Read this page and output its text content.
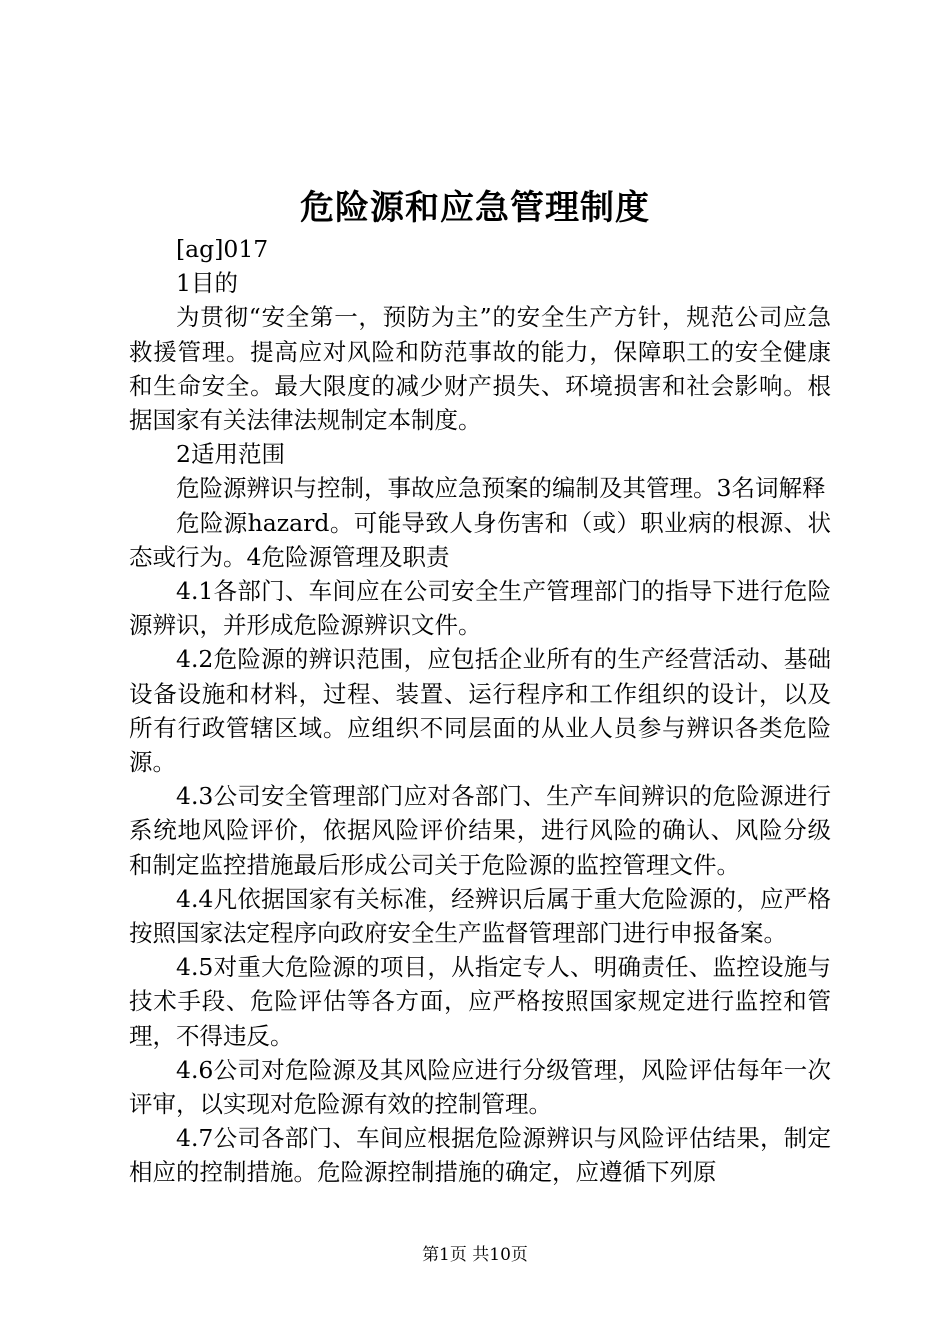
危险源和应急管理制度

[ag]017

1目的

为贯彻“安全第一，预防为主”的安全生产方针，规范公司应急救援管理。提高应对风险和防范事故的能力，保障职工的安全健康和生命安全。最大限度的减少财产损失、环境损害和社会影响。根据国家有关法律法规制定本制度。

2适用范围

危险源辨识与控制，事故应急预案的编制及其管理。3名词解释

危险源hazard。可能导致人身伤害和（或）职业病的根源、状态或行为。4危险源管理及职责

4.1各部门、车间应在公司安全生产管理部门的指导下进行危险源辨识，并形成危险源辨识文件。

4.2危险源的辨识范围，应包括企业所有的生产经营活动、基础设备设施和材料，过程、装置、运行程序和工作组织的设计，以及所有行政管辖区域。应组织不同层面的从业人员参与辨识各类危险源。

4.3公司安全管理部门应对各部门、生产车间辨识的危险源进行系统地风险评价，依据风险评价结果，进行风险的确认、风险分级和制定监控措施最后形成公司关于危险源的监控管理文件。

4.4凡依据国家有关标准，经辨识后属于重大危险源的，应严格按照国家法定程序向政府安全生产监督管理部门进行申报备案。

4.5对重大危险源的项目，从指定专人、明确责任、监控设施与技术手段、危险评估等各方面，应严格按照国家规定进行监控和管理，不得违反。

4.6公司对危险源及其风险应进行分级管理，风险评估每年一次评审，以实现对危险源有效的控制管理。

4.7公司各部门、车间应根据危险源辨识与风险评估结果，制定相应的控制措施。危险源控制措施的确定，应遵循下列原

第1页 共10页
